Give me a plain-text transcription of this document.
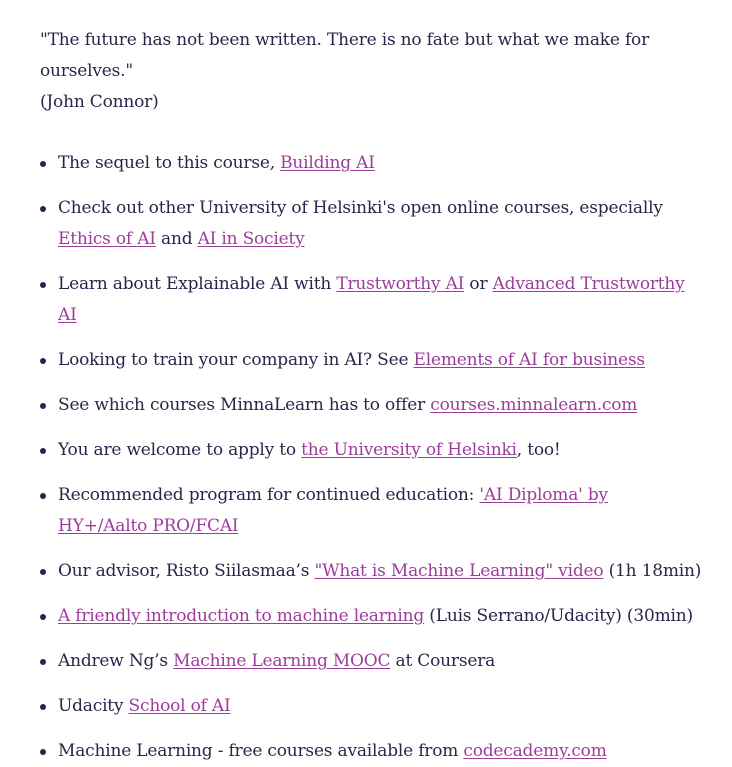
"The future has not been written. There is no fate but what we make for ourselves."
(John Connor)
The sequel to this course, Building AI
Check out other University of Helsinki's open online courses, especially Ethics of AI and AI in Society
Learn about Explainable AI with Trustworthy AI or Advanced Trustworthy AI
Looking to train your company in AI? See Elements of AI for business
See which courses MinnaLearn has to offer courses.minnalearn.com
You are welcome to apply to the University of Helsinki, too!
Recommended program for continued education: 'AI Diploma' by HY+/Aalto PRO/FCAI
Our advisor, Risto Siilasmaa’s "What is Machine Learning" video (1h 18min)
A friendly introduction to machine learning (Luis Serrano/Udacity) (30min)
Andrew Ng’s Machine Learning MOOC at Coursera
Udacity School of AI
Machine Learning - free courses available from codecademy.com
